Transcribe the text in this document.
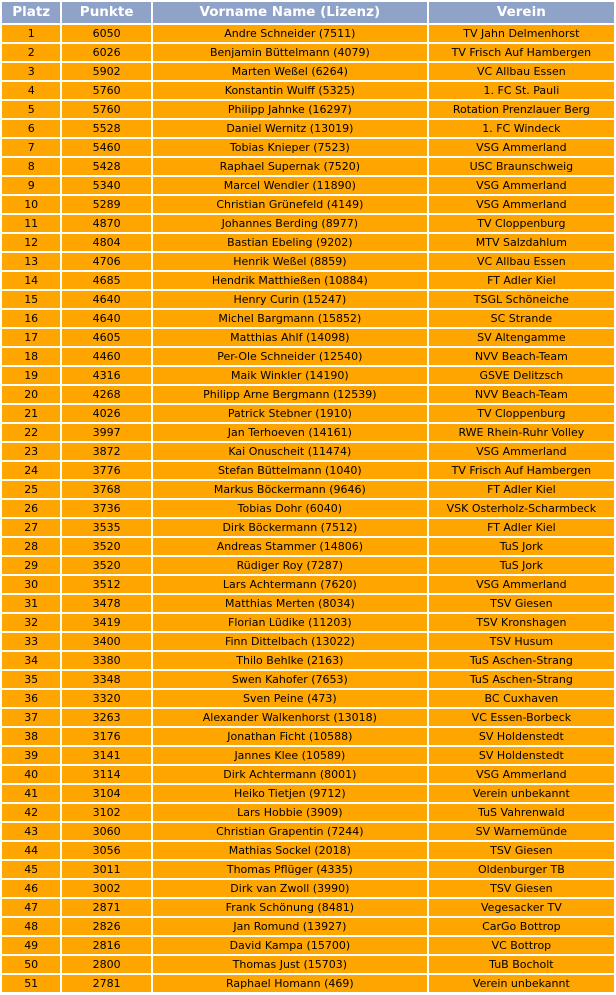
Platz	Punkte	Vorname Name (Lizenz)	Verein
1	6050	Andre Schneider (7511)	TV Jahn Delmenhorst
2	6026	Benjamin Büttelmann (4079)	TV Frisch Auf Hambergen
3	5902	Marten Weßel (6264)	VC Allbau Essen
4	5760	Konstantin Wulff (5325)	1. FC St. Pauli
5	5760	Philipp Jahnke (16297)	Rotation Prenzlauer Berg
6	5528	Daniel Wernitz (13019)	1. FC Windeck
7	5460	Tobias Knieper (7523)	VSG Ammerland
8	5428	Raphael Supernak (7520)	USC Braunschweig
9	5340	Marcel Wendler (11890)	VSG Ammerland
10	5289	Christian Grünefeld (4149)	VSG Ammerland
11	4870	Johannes Berding (8977)	TV Cloppenburg
12	4804	Bastian Ebeling (9202)	MTV Salzdahlum
13	4706	Henrik Weßel (8859)	VC Allbau Essen
14	4685	Hendrik Matthießen (10884)	FT Adler Kiel
15	4640	Henry Curin (15247)	TSGL Schöneiche
16	4640	Michel Bargmann (15852)	SC Strande
17	4605	Matthias Ahlf (14098)	SV Altengamme
18	4460	Per-Ole Schneider (12540)	NVV Beach-Team
19	4316	Maik Winkler (14190)	GSVE Delitzsch
20	4268	Philipp Arne Bergmann (12539)	NVV Beach-Team
21	4026	Patrick Stebner (1910)	TV Cloppenburg
22	3997	Jan Terhoeven (14161)	RWE Rhein-Ruhr Volley
23	3872	Kai Onuscheit (11474)	VSG Ammerland
24	3776	Stefan Büttelmann (1040)	TV Frisch Auf Hambergen
25	3768	Markus Böckermann (9646)	FT Adler Kiel
26	3736	Tobias Dohr (6040)	VSK Osterholz-Scharmbeck
27	3535	Dirk Böckermann (7512)	FT Adler Kiel
28	3520	Andreas Stammer (14806)	TuS Jork
29	3520	Rüdiger Roy (7287)	TuS Jork
30	3512	Lars Achtermann (7620)	VSG Ammerland
31	3478	Matthias Merten (8034)	TSV Giesen
32	3419	Florian Lüdike (11203)	TSV Kronshagen
33	3400	Finn Dittelbach (13022)	TSV Husum
34	3380	Thilo Behlke (2163)	TuS Aschen-Strang
35	3348	Swen Kahofer (7653)	TuS Aschen-Strang
36	3320	Sven Peine (473)	BC Cuxhaven
37	3263	Alexander Walkenhorst (13018)	VC Essen-Borbeck
38	3176	Jonathan Ficht (10588)	SV Holdenstedt
39	3141	Jannes Klee (10589)	SV Holdenstedt
40	3114	Dirk Achtermann (8001)	VSG Ammerland
41	3104	Heiko Tietjen (9712)	Verein unbekannt
42	3102	Lars Hobbie (3909)	TuS Vahrenwald
43	3060	Christian Grapentin (7244)	SV Warnemünde
44	3056	Mathias Sockel (2018)	TSV Giesen
45	3011	Thomas Pflüger (4335)	Oldenburger TB
46	3002	Dirk van Zwoll (3990)	TSV Giesen
47	2871	Frank Schönung (8481)	Vegesacker TV
48	2826	Jan Romund (13927)	CarGo Bottrop
49	2816	David Kampa (15700)	VC Bottrop
50	2800	Thomas Just (15703)	TuB Bocholt
51	2781	Raphael Homann (469)	Verein unbekannt
